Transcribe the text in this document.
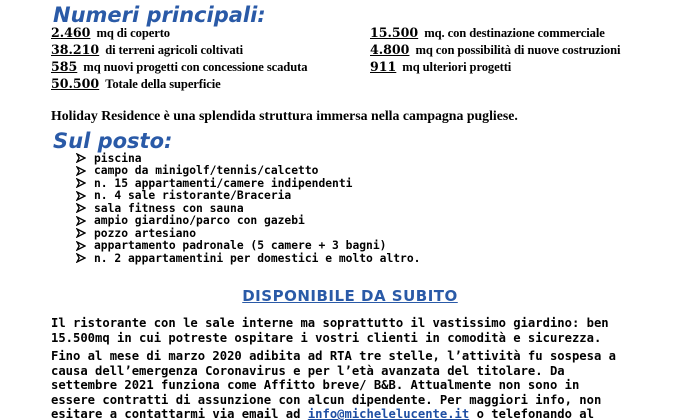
Numeri principali:
2.460 mq di coperto
38.210 di terreni agricoli coltivati
585 mq nuovi progetti con concessione scaduta
50.500 Totale della superficie
15.500 mq. con destinazione commerciale
4.800 mq con possibilità di nuove costruzioni
911 mq ulteriori progetti
Holiday Residence è una splendida struttura immersa nella campagna pugliese.
Sul posto:
piscina
campo da minigolf/tennis/calcetto
n. 15 appartamenti/camere indipendenti
n. 4 sale ristorante/Braceria
sala fitness con sauna
ampio giardino/parco con gazebi
pozzo artesiano
appartamento padronale (5 camere + 3 bagni)
n. 2 appartamentini per domestici e molto altro.
DISPONIBILE DA SUBITO

Il ristorante con le sale interne ma soprattutto il vastissimo giardino: ben
15.500mq in cui potreste ospitare i vostri clienti in comodità e sicurezza.

Fino al mese di marzo 2020 adibita ad RTA tre stelle, l’attività fu sospesa a
causa dell’emergenza Coronavirus e per l’età avanzata del titolare. Da
settembre 2021 funziona come Affitto breve/ B&B. Attualmente non sono in
essere contratti di assunzione con alcun dipendente. Per maggiori info, non
esitare a contattarmi via email ad info@michelelucente.it o telefonando al
